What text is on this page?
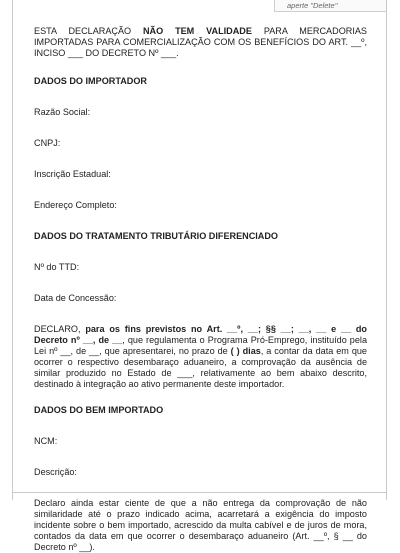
aperte "Delete"

ESTA DECLARAÇÃO NÃO TEM VALIDADE PARA MERCADORIAS IMPORTADAS PARA COMERCIALIZAÇÃO COM OS BENEFÍCIOS DO ART. __º, INCISO ___ DO DECRETO Nº ___.

DADOS DO IMPORTADOR

Razão Social:

CNPJ:

Inscrição Estadual:

Endereço Completo:

DADOS DO TRATAMENTO TRIBUTÁRIO DIFERENCIADO

Nº do TTD:

Data de Concessão:

DECLARO, para os fins previstos no Art. __º, __; §§ __; __, __ e __ do Decreto nº __, de __, que regulamenta o Programa Pró-Emprego, instituído pela Lei nº __, de __, que apresentarei, no prazo de ( ) dias, a contar da data em que ocorrer o respectivo desembaraço aduaneiro, a comprovação da ausência de similar produzido no Estado de ___, relativamente ao bem abaixo descrito, destinado à integração ao ativo permanente deste importador.

DADOS DO BEM IMPORTADO

NCM:

Descrição:

Declaro ainda estar ciente de que a não entrega da comprovação de não similaridade até o prazo indicado acima, acarretará a exigência do imposto incidente sobre o bem importado, acrescido da multa cabível e de juros de mora, contados da data em que ocorrer o desembaraço aduaneiro (Art. __º, § __ do Decreto nº __).
